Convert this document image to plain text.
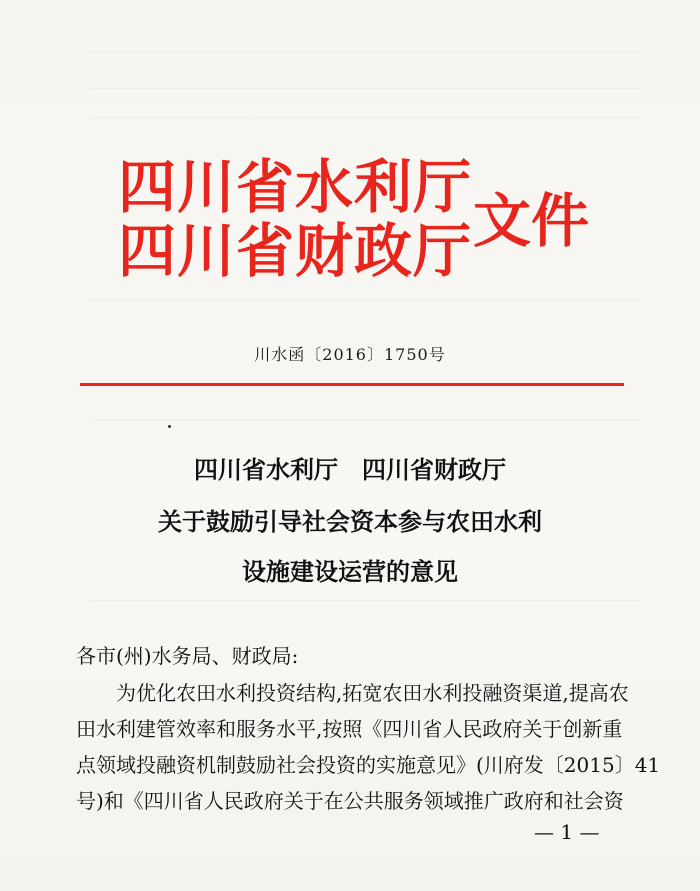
四川省水利厅
四川省财政厅 文件
川水函〔2016〕1750号
四川省水利厅　四川省财政厅
关于鼓励引导社会资本参与农田水利
设施建设运营的意见
各市(州)水务局、财政局:
为优化农田水利投资结构,拓宽农田水利投融资渠道,提高农
田水利建管效率和服务水平,按照《四川省人民政府关于创新重
点领域投融资机制鼓励社会投资的实施意见》(川府发〔2015〕41
号)和《四川省人民政府关于在公共服务领域推广政府和社会资
— 1 —
